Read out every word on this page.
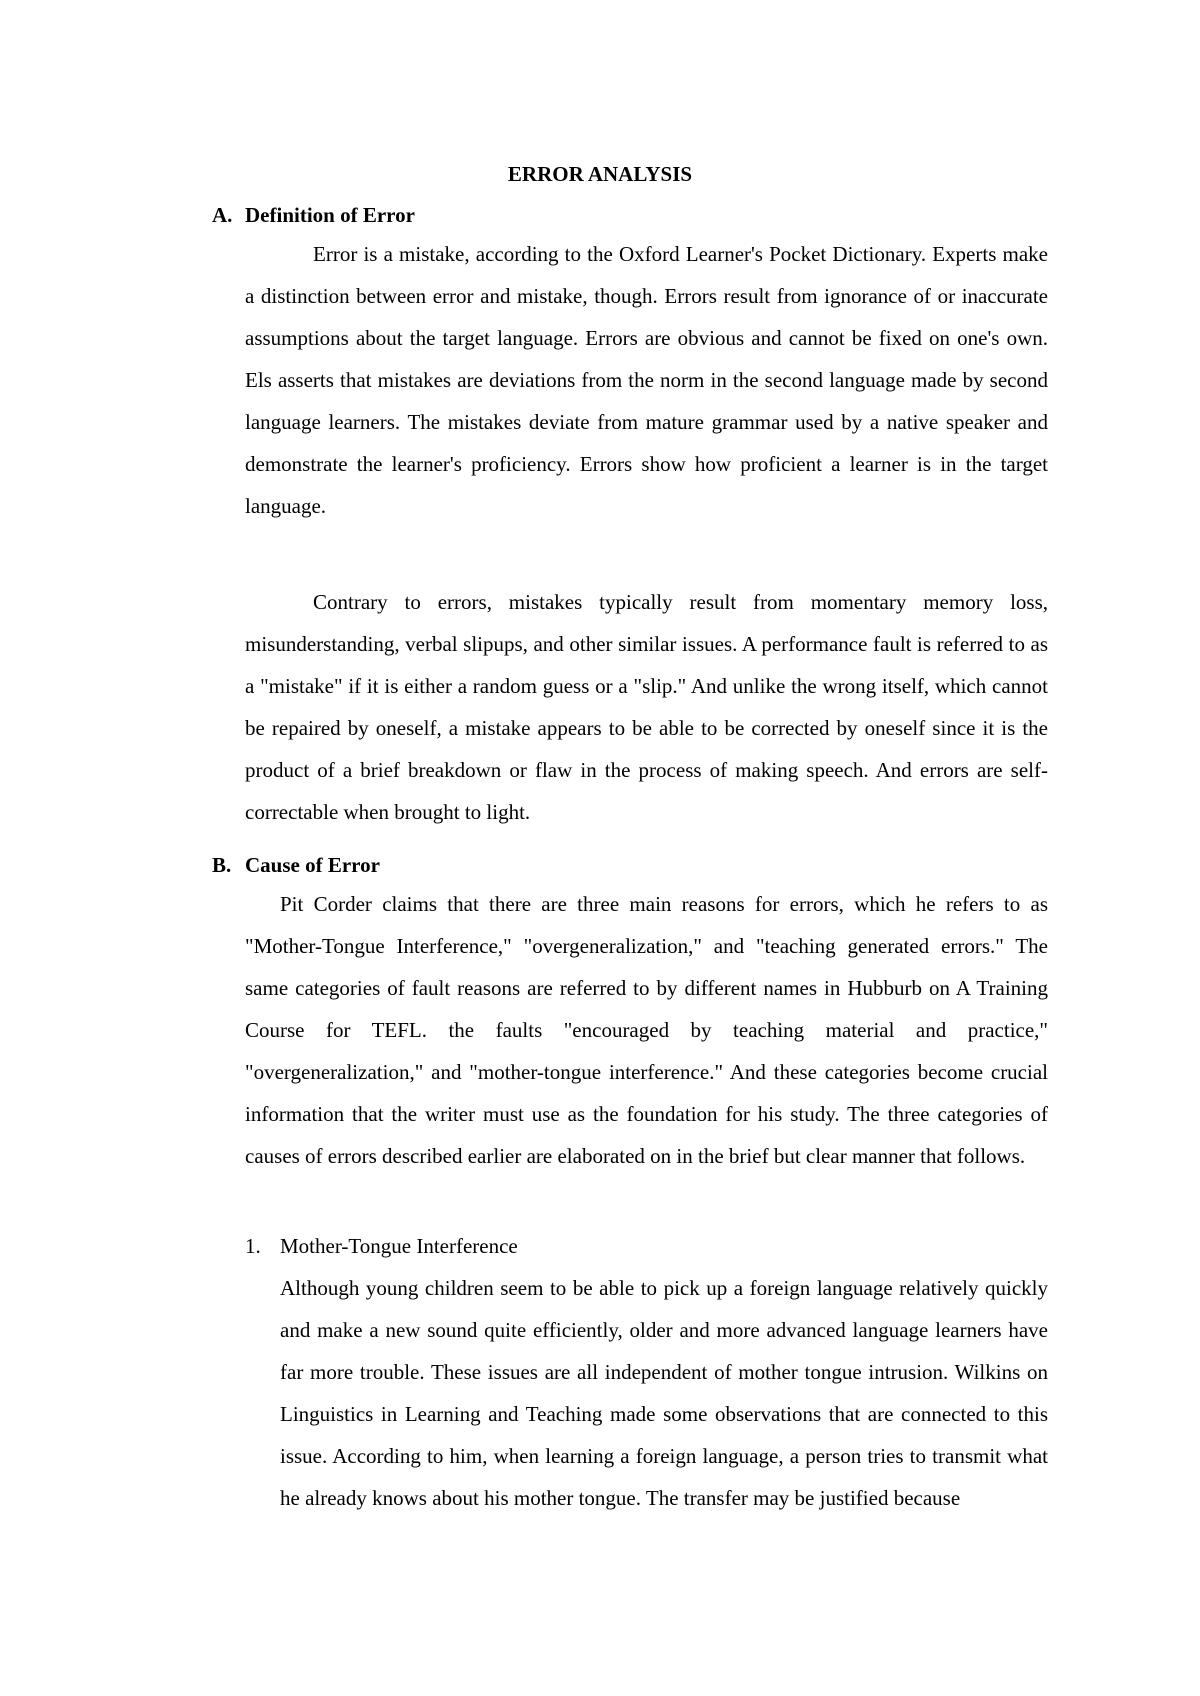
ERROR ANALYSIS
A. Definition of Error

Error is a mistake, according to the Oxford Learner's Pocket Dictionary. Experts make a distinction between error and mistake, though. Errors result from ignorance of or inaccurate assumptions about the target language. Errors are obvious and cannot be fixed on one's own. Els asserts that mistakes are deviations from the norm in the second language made by second language learners. The mistakes deviate from mature grammar used by a native speaker and demonstrate the learner's proficiency. Errors show how proficient a learner is in the target language.

Contrary to errors, mistakes typically result from momentary memory loss, misunderstanding, verbal slipups, and other similar issues. A performance fault is referred to as a "mistake" if it is either a random guess or a "slip." And unlike the wrong itself, which cannot be repaired by oneself, a mistake appears to be able to be corrected by oneself since it is the product of a brief breakdown or flaw in the process of making speech. And errors are self-correctable when brought to light.

B. Cause of Error

Pit Corder claims that there are three main reasons for errors, which he refers to as "Mother-Tongue Interference," "overgeneralization," and "teaching generated errors." The same categories of fault reasons are referred to by different names in Hubburb on A Training Course for TEFL. the faults "encouraged by teaching material and practice," "overgeneralization," and "mother-tongue interference." And these categories become crucial information that the writer must use as the foundation for his study. The three categories of causes of errors described earlier are elaborated on in the brief but clear manner that follows.

1. Mother-Tongue Interference

Although young children seem to be able to pick up a foreign language relatively quickly and make a new sound quite efficiently, older and more advanced language learners have far more trouble. These issues are all independent of mother tongue intrusion. Wilkins on Linguistics in Learning and Teaching made some observations that are connected to this issue. According to him, when learning a foreign language, a person tries to transmit what he already knows about his mother tongue. The transfer may be justified because
